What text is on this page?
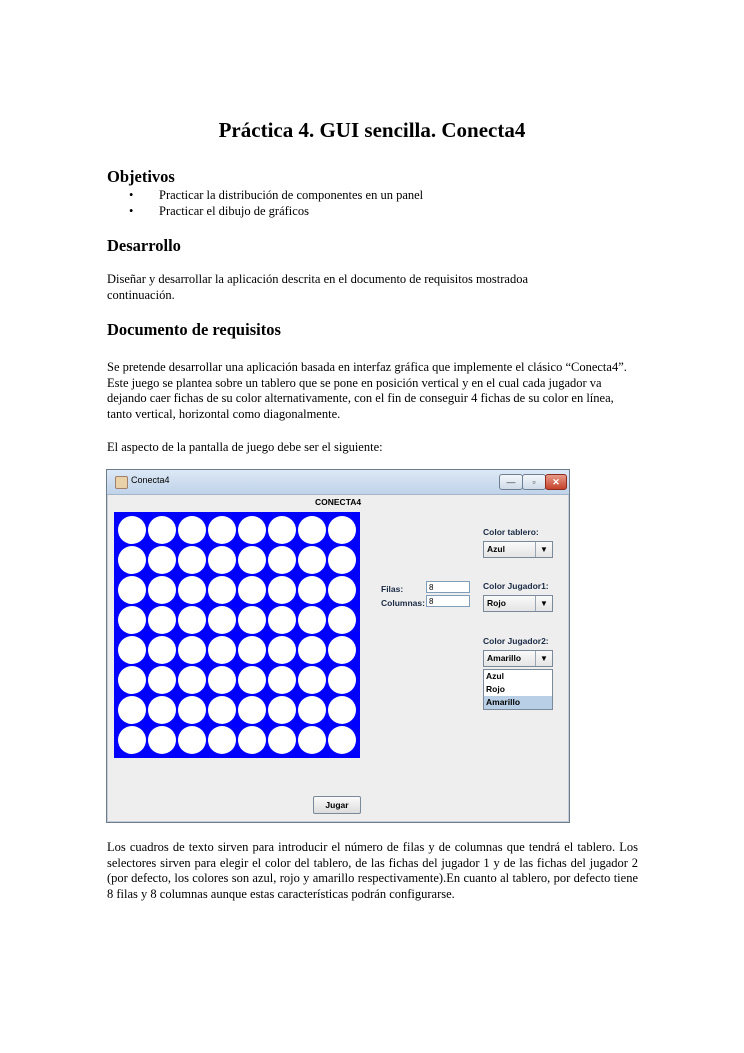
Práctica 4. GUI sencilla. Conecta4
Objetivos
• Practicar la distribución de componentes en un panel
• Practicar el dibujo de gráficos
Desarrollo

Diseñar y desarrollar la aplicación descrita en el documento de requisitos mostradoa continuación.

Documento de requisitos

Se pretende desarrollar una aplicación basada en interfaz gráfica que implemente el clásico “Conecta4”. Este juego se plantea sobre un tablero que se pone en posición vertical y en el cual cada jugador va dejando caer fichas de su color alternativamente, con el fin de conseguir 4 fichas de su color en línea, tanto vertical, horizontal como diagonalmente.

El aspecto de la pantalla de juego debe ser el siguiente:

Conecta4	—	▫	✕
CONECTA4
Filas:	8
Columnas: 8
Color tablero:
Azul	▼
Color Jugador1:
Rojo	▼
Color Jugador2:
Amarillo	▼
Azul
Rojo
Amarillo
Jugar

Los cuadros de texto sirven para introducir el número de filas y de columnas que tendrá el tablero. Los selectores sirven para elegir el color del tablero, de las fichas del jugador 1 y de las fichas del jugador 2 (por defecto, los colores son azul, rojo y amarillo respectivamente).En cuanto al tablero, por defecto tiene 8 filas y 8 columnas aunque estas características podrán configurarse.
